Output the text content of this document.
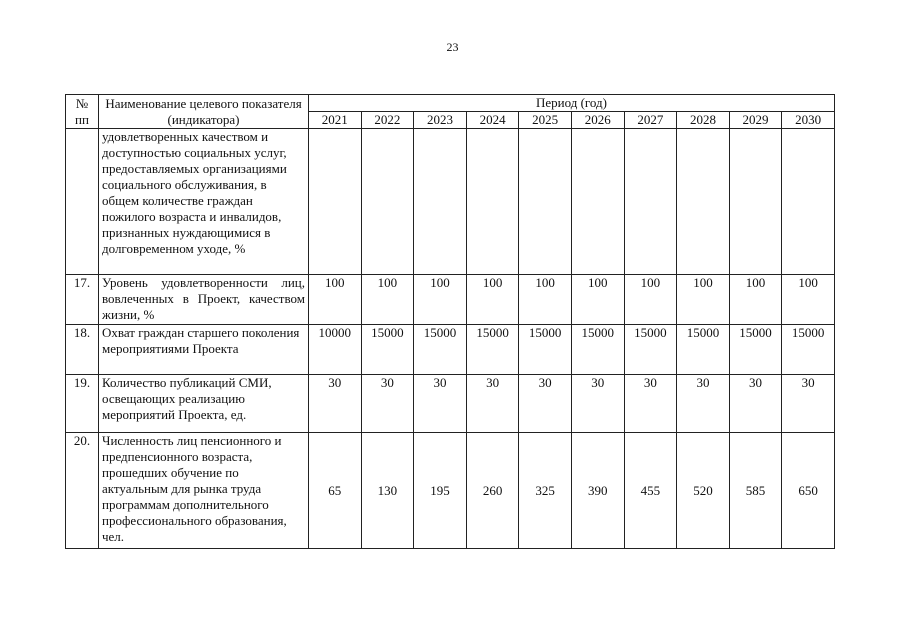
23
№
пп	Наименование целевого показателя (индикатора)	Период (год)									
		2021	2022	2023	2024	2025	2026	2027	2028	2029	2030
	удовлетворенных качеством и доступностью социальных услуг, предоставляемых организациями социального обслуживания, в общем количестве граждан пожилого возраста и инвалидов, признанных нуждающимися в долговременном уходе, %										
17.	Уровень удовлетворенности лиц, вовлеченных в Проект, качеством жизни, %	100	100	100	100	100	100	100	100	100	100
18.	Охват граждан старшего поколения мероприятиями Проекта	10000	15000	15000	15000	15000	15000	15000	15000	15000	15000
19.	Количество публикаций СМИ, освещающих реализацию мероприятий Проекта, ед.	30	30	30	30	30	30	30	30	30	30
20.	Численность лиц пенсионного и предпенсионного возраста, прошедших обучение по актуальным для рынка труда программам дополнительного профессионального образования, чел.	65	130	195	260	325	390	455	520	585	650
